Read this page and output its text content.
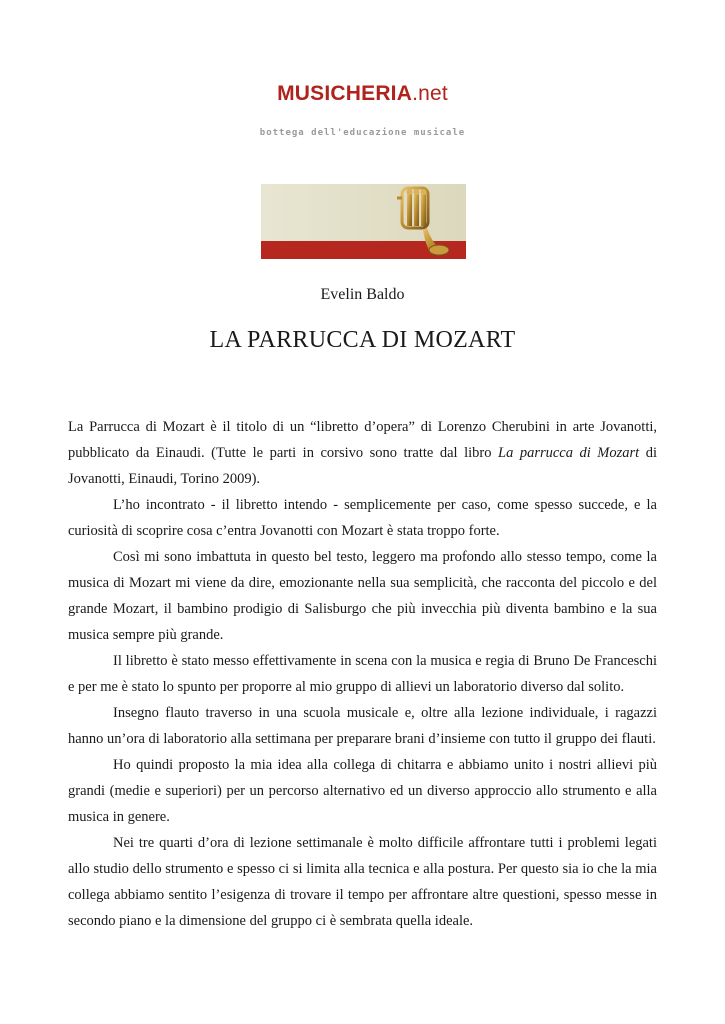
MUSICHERIA.net
bottega dell'educazione musicale
Evelin Baldo
LA PARRUCCA DI MOZART

La Parrucca di Mozart è il titolo di un “libretto d’opera” di Lorenzo Cherubini in arte Jovanotti, pubblicato da Einaudi. (Tutte le parti in corsivo sono tratte dal libro La parrucca di Mozart di Jovanotti, Einaudi, Torino 2009).

L’ho incontrato - il libretto intendo - semplicemente per caso, come spesso succede, e la curiosità di scoprire cosa c’entra Jovanotti con Mozart è stata troppo forte.

Così mi sono imbattuta in questo bel testo, leggero ma profondo allo stesso tempo, come la musica di Mozart mi viene da dire, emozionante nella sua semplicità, che racconta del piccolo e del grande Mozart, il bambino prodigio di Salisburgo che più invecchia più diventa bambino e la sua musica sempre più grande.

Il libretto è stato messo effettivamente in scena con la musica e regia di Bruno De Franceschi e per me è stato lo spunto per proporre al mio gruppo di allievi un laboratorio diverso dal solito.

Insegno flauto traverso in una scuola musicale e, oltre alla lezione individuale, i ragazzi hanno un’ora di laboratorio alla settimana per preparare brani d’insieme con tutto il gruppo dei flauti.

Ho quindi proposto la mia idea alla collega di chitarra e abbiamo unito i nostri allievi più grandi (medie e superiori) per un percorso alternativo ed un diverso approccio allo strumento e alla musica in genere.

Nei tre quarti d’ora di lezione settimanale è molto difficile affrontare tutti i problemi legati allo studio dello strumento e spesso ci si limita alla tecnica e alla postura. Per questo sia io che la mia collega abbiamo sentito l’esigenza di trovare il tempo per affrontare altre questioni, spesso messe in secondo piano e la dimensione del gruppo ci è sembrata quella ideale.
